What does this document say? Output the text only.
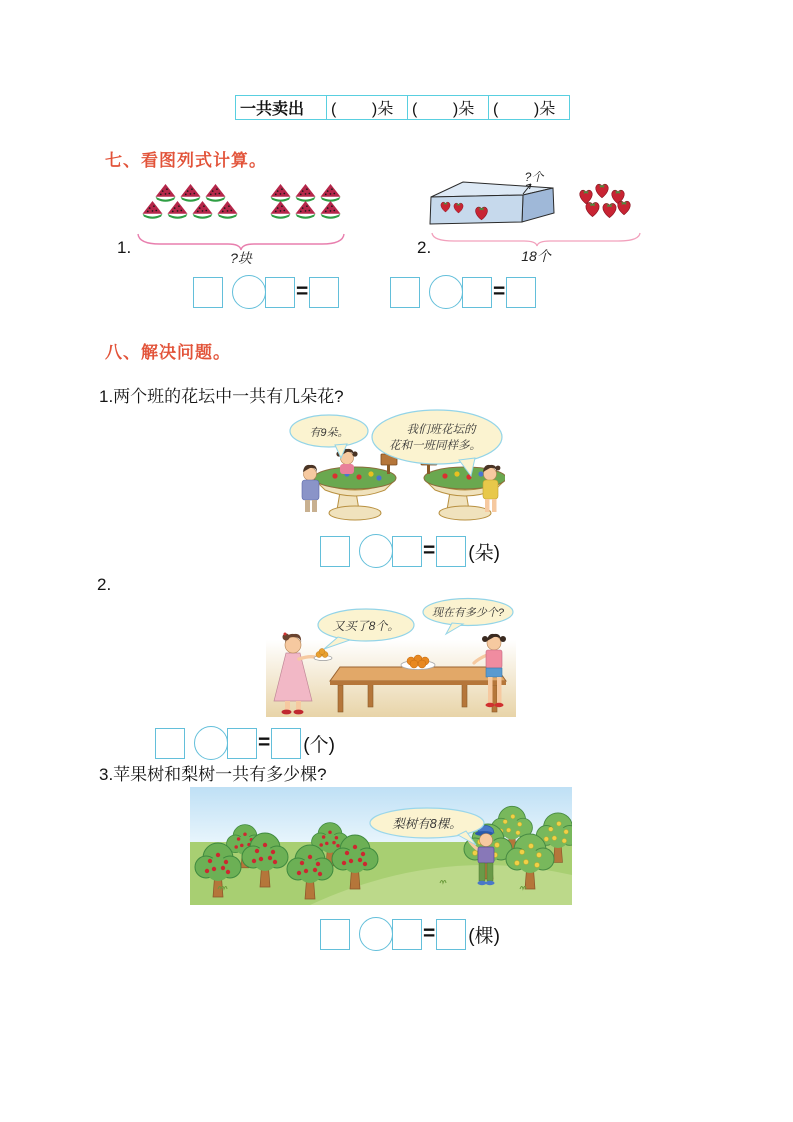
一共卖出	(        )朵	(        )朵	(        )朵
七、看图列式计算。
1.
?块
2.
?个
18个
=	=
八、解决问题。
1.两个班的花坛中一共有几朵花?
有9朵。	我们班花坛的
花和一班同样多。
= (朵)
2.
又买了8个。
现在有多少个?
= (个)
3.苹果树和梨树一共有多少棵?
梨树有8棵。
= (棵)
